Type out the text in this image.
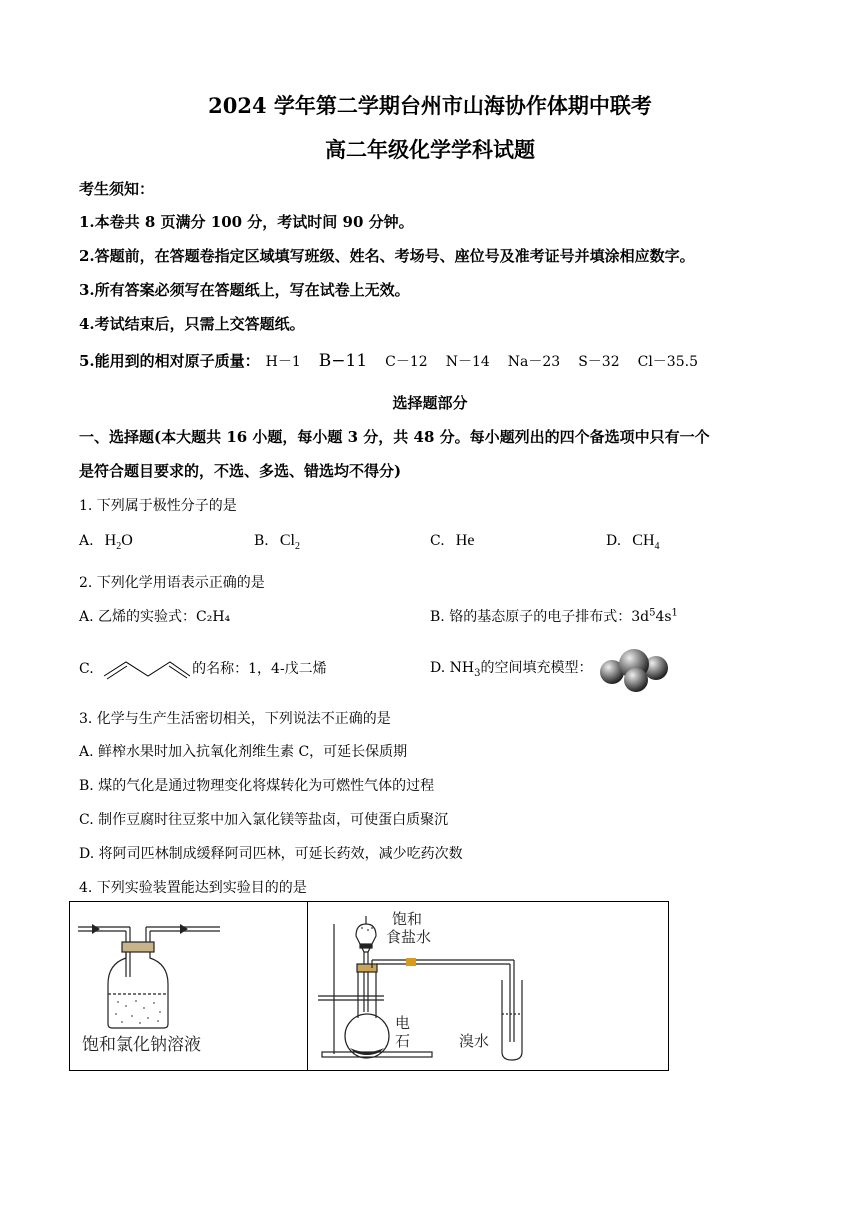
2024 学年第二学期台州市山海协作体期中联考
高二年级化学学科试题
考生须知：
1.本卷共 8 页满分 100 分，考试时间 90 分钟。
2.答题前，在答题卷指定区域填写班级、姓名、考场号、座位号及准考证号并填涂相应数字。
3.所有答案必须写在答题纸上，写在试卷上无效。
4.考试结束后，只需上交答题纸。
5.能用到的相对原子质量： H－1 B−11 C－12 N－14 Na－23 S－32 Cl－35.5
选择题部分
一、选择题(本大题共 16 小题，每小题 3 分，共 48 分。每小题列出的四个备选项中只有一个
是符合题目要求的，不选、多选、错选均不得分)
1. 下列属于极性分子的是
A. $H_2O$	B. $Cl_2$	C. He	D. $CH_4$
2. 下列化学用语表示正确的是
A. 乙烯的实验式：C₂H₄	B. 铬的基态原子的电子排布式：$3d^54s^1$
C.	的名称：1，4-戊二烯	D. $NH_3$的空间填充模型：
3. 化学与生产生活密切相关，下列说法不正确的是
A. 鲜榨水果时加入抗氧化剂维生素 C，可延长保质期
B. 煤的气化是通过物理变化将煤转化为可燃性气体的过程
C. 制作豆腐时往豆浆中加入氯化镁等盐卤，可使蛋白质聚沉
D. 将阿司匹林制成缓释阿司匹林，可延长药效，减少吃药次数
4. 下列实验装置能达到实验目的的是
饱和氯化钠溶液
饱和
食盐水
电
石	溴水
